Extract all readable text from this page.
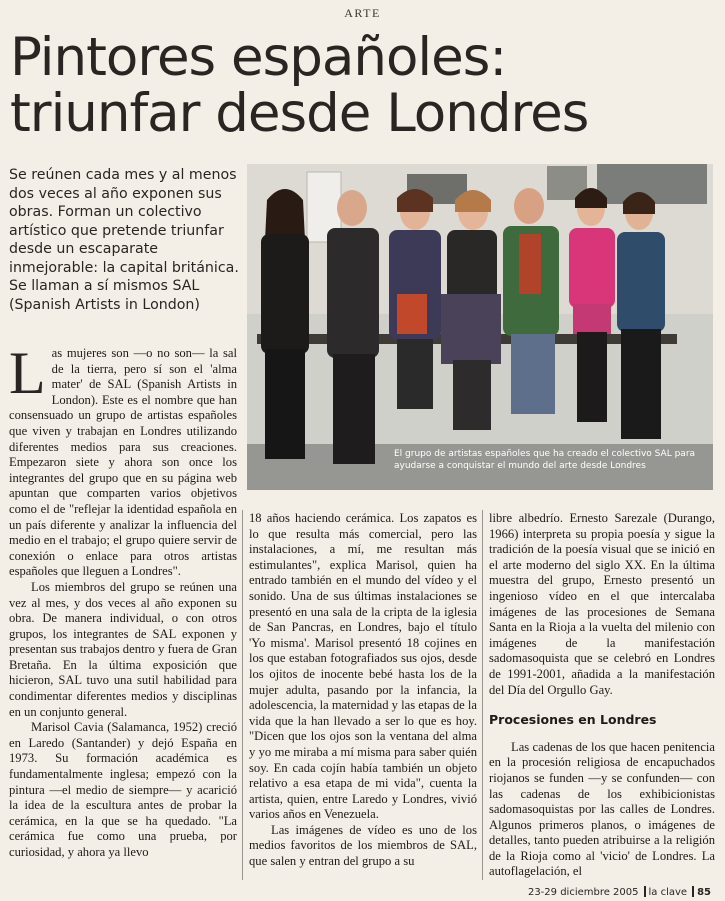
ARTE
Pintores españoles:
triunfar desde Londres

Se reúnen cada mes y al menos dos veces al año exponen sus obras. Forman un colectivo artístico que pretende triunfar desde un escaparate inmejorable: la capital británica. Se llaman a sí mismos SAL (Spanish Artists in London)

El grupo de artistas españoles que ha creado el colectivo SAL para ayudarse a conquistar el mundo del arte desde Londres

Las mujeres son —o no son— la sal de la tierra, pero sí son el 'alma mater' de SAL (Spanish Artists in London). Este es el nombre que han consensuado un grupo de artistas españoles que viven y trabajan en Londres utilizando diferentes medios para sus creaciones. Empezaron siete y ahora son once los integrantes del grupo que en su página web apuntan que comparten varios objetivos como el de "reflejar la identidad española en un país diferente y analizar la influencia del medio en el trabajo; el grupo quiere servir de conexión o enlace para otros artistas españoles que lleguen a Londres".

Los miembros del grupo se reúnen una vez al mes, y dos veces al año exponen su obra. De manera individual, o con otros grupos, los integrantes de SAL exponen y presentan sus trabajos dentro y fuera de Gran Bretaña. En la última exposición que hicieron, SAL tuvo una sutil habilidad para condimentar diferentes medios y disciplinas en un conjunto general.

Marisol Cavia (Salamanca, 1952) creció en Laredo (Santander) y dejó España en 1973. Su formación académica es fundamentalmente inglesa; empezó con la pintura —el medio de siempre— y acarició la idea de la escultura antes de probar la cerámica, en la que se ha quedado. "La cerámica fue como una prueba, por curiosidad, y ahora ya llevo

18 años haciendo cerámica. Los zapatos es lo que resulta más comercial, pero las instalaciones, a mí, me resultan más estimulantes", explica Marisol, quien ha entrado también en el mundo del vídeo y el sonido. Una de sus últimas instalaciones se presentó en una sala de la cripta de la iglesia de San Pancras, en Londres, bajo el título 'Yo misma'. Marisol presentó 18 cojines en los que estaban fotografiados sus ojos, desde los ojitos de inocente bebé hasta los de la mujer adulta, pasando por la infancia, la adolescencia, la maternidad y las etapas de la vida que la han llevado a ser lo que es hoy. "Dicen que los ojos son la ventana del alma y yo me miraba a mí misma para saber quién soy. En cada cojín había también un objeto relativo a esa etapa de mi vida", cuenta la artista, quien, entre Laredo y Londres, vivió varios años en Venezuela.

Las imágenes de vídeo es uno de los medios favoritos de los miembros de SAL, que salen y entran del grupo a su

libre albedrío. Ernesto Sarezale (Durango, 1966) interpreta su propia poesía y sigue la tradición de la poesía visual que se inició en el arte moderno del siglo XX. En la última muestra del grupo, Ernesto presentó un ingenioso vídeo en el que intercalaba imágenes de las procesiones de Semana Santa en la Rioja a la vuelta del milenio con imágenes de la manifestación sadomasoquista que se celebró en Londres de 1991-2001, añadida a la manifestación del Día del Orgullo Gay.

Procesiones en Londres

Las cadenas de los que hacen penitencia en la procesión religiosa de encapuchados riojanos se funden —y se confunden— con las cadenas de los exhibicionistas sadomasoquistas por las calles de Londres. Algunos primeros planos, o imágenes de detalles, tanto pueden atribuirse a la religión de la Rioja como al 'vicio' de Londres. La autoflagelación, el

23-29 diciembre 2005 la clave 85
